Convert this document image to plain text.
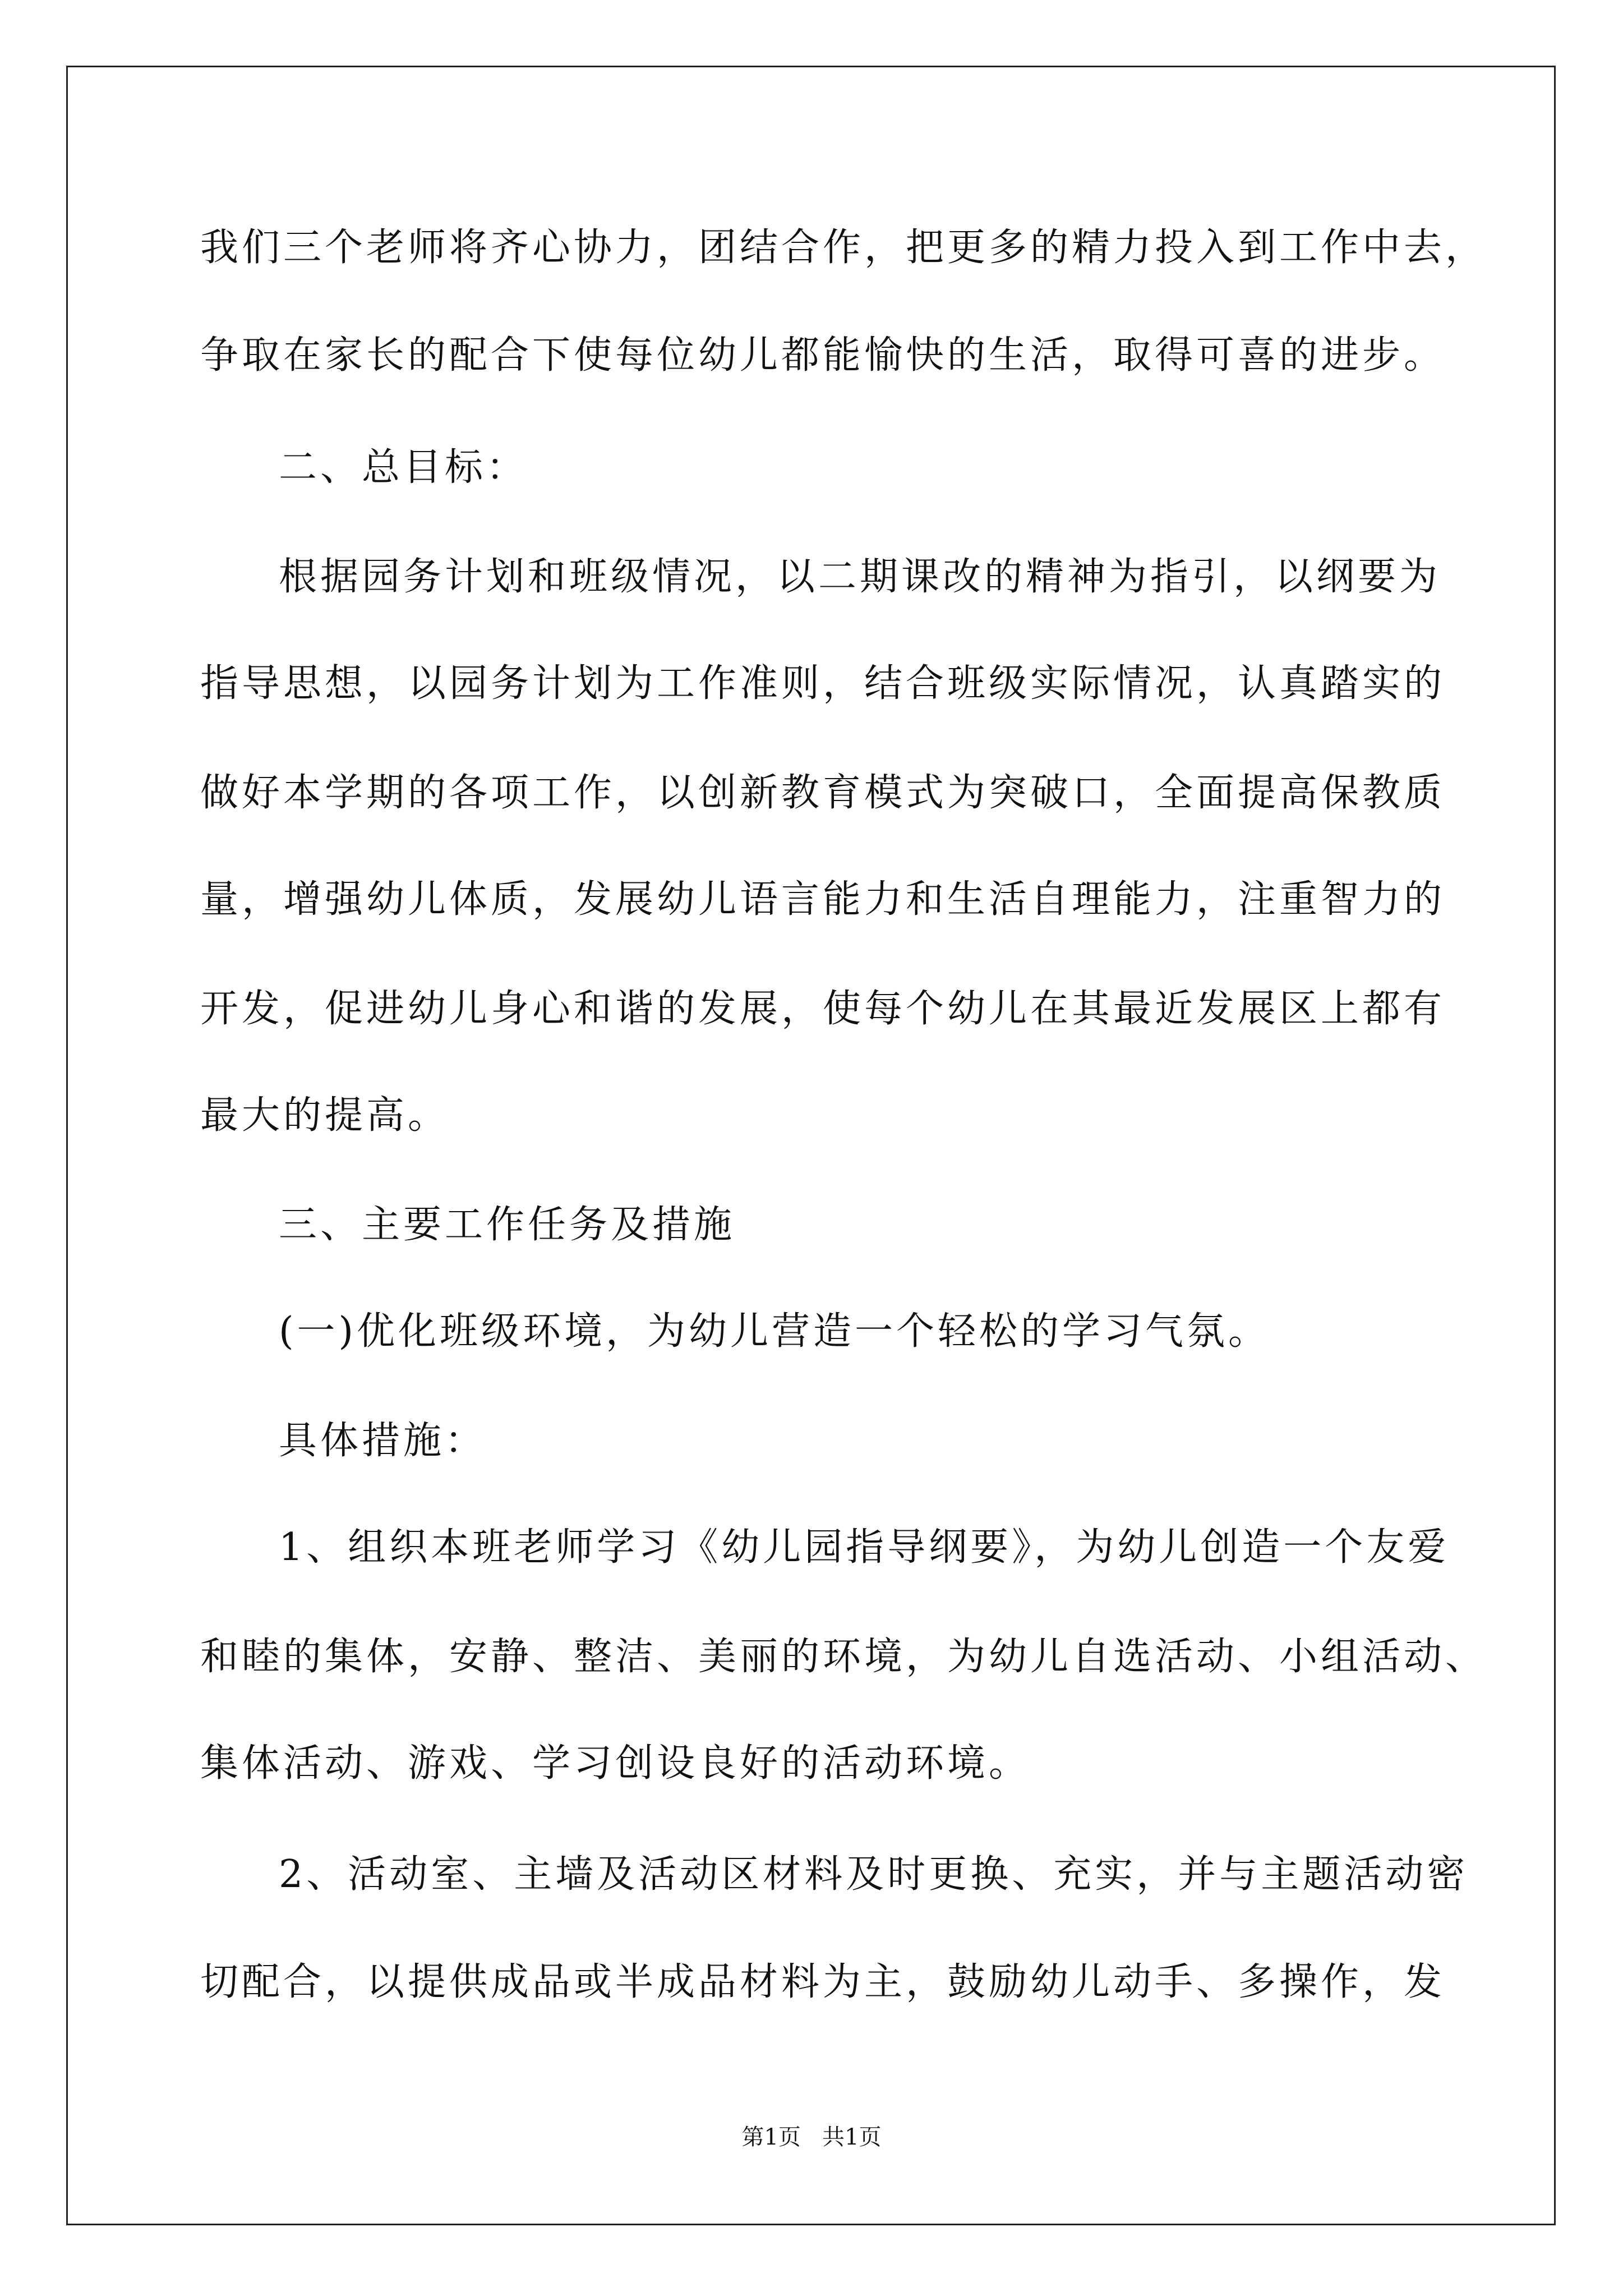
我们三个老师将齐心协力，团结合作，把更多的精力投入到工作中去，
争取在家长的配合下使每位幼儿都能愉快的生活，取得可喜的进步。
二、总目标：
根据园务计划和班级情况，以二期课改的精神为指引，以纲要为
指导思想，以园务计划为工作准则，结合班级实际情况，认真踏实的
做好本学期的各项工作，以创新教育模式为突破口，全面提高保教质
量，增强幼儿体质，发展幼儿语言能力和生活自理能力，注重智力的
开发，促进幼儿身心和谐的发展，使每个幼儿在其最近发展区上都有
最大的提高。
三、主要工作任务及措施
(一)优化班级环境，为幼儿营造一个轻松的学习气氛。
具体措施：
1、组织本班老师学习《幼儿园指导纲要》，为幼儿创造一个友爱
和睦的集体，安静、整洁、美丽的环境，为幼儿自选活动、小组活动、
集体活动、游戏、学习创设良好的活动环境。
2、活动室、主墙及活动区材料及时更换、充实，并与主题活动密
切配合，以提供成品或半成品材料为主，鼓励幼儿动手、多操作，发
第1页   共1页
